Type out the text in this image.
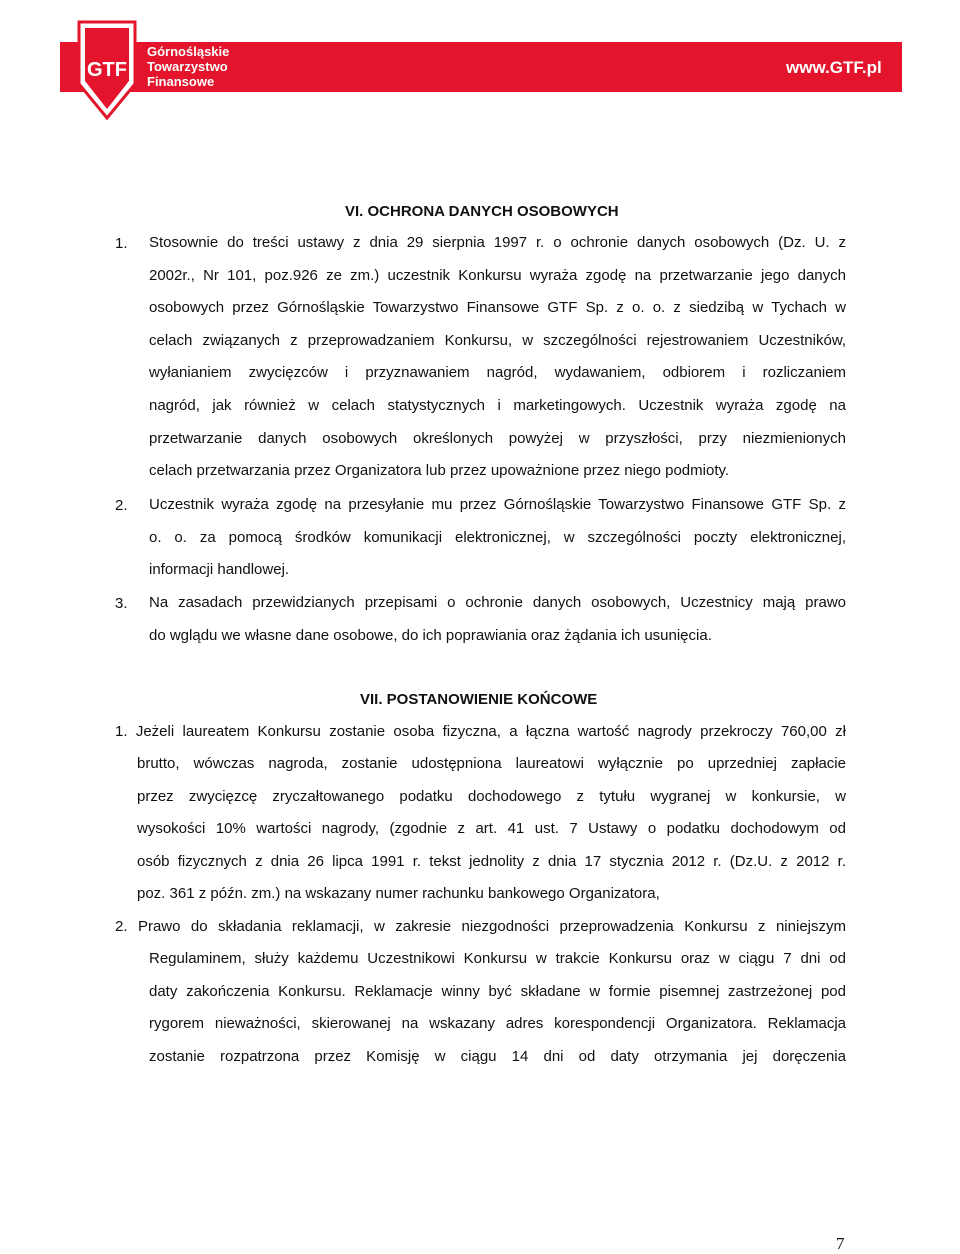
GTF
Górnośląskie
Towarzystwo
Finansowe
www.GTF.pl
VI. OCHRONA DANYCH OSOBOWYCH
1. Stosownie do treści ustawy z dnia 29 sierpnia 1997 r. o ochronie danych osobowych (Dz. U. z
2002r., Nr 101, poz.926 ze zm.) uczestnik Konkursu wyraża zgodę na przetwarzanie jego danych
osobowych przez Górnośląskie Towarzystwo Finansowe GTF Sp. z o. o. z siedzibą w Tychach w
celach związanych z przeprowadzaniem Konkursu, w szczególności rejestrowaniem Uczestników,
wyłanianiem zwycięzców i przyznawaniem nagród, wydawaniem, odbiorem i rozliczaniem
nagród, jak również w celach statystycznych i marketingowych. Uczestnik wyraża zgodę na
przetwarzanie danych osobowych określonych powyżej w przyszłości, przy niezmienionych
celach przetwarzania przez Organizatora lub przez upoważnione przez niego podmioty.
2. Uczestnik wyraża zgodę na przesyłanie mu przez Górnośląskie Towarzystwo Finansowe GTF Sp. z
o. o. za pomocą środków komunikacji elektronicznej, w szczególności poczty elektronicznej,
informacji handlowej.
3. Na zasadach przewidzianych przepisami o ochronie danych osobowych, Uczestnicy mają prawo
do wglądu we własne dane osobowe, do ich poprawiania oraz żądania ich usunięcia.
VII. POSTANOWIENIE KOŃCOWE
1. Jeżeli laureatem Konkursu zostanie osoba fizyczna, a łączna wartość nagrody przekroczy 760,00 zł
brutto, wówczas nagroda, zostanie udostępniona laureatowi wyłącznie po uprzedniej zapłacie
przez zwycięzcę zryczałtowanego podatku dochodowego z tytułu wygranej w konkursie, w
wysokości 10% wartości nagrody, (zgodnie z art. 41 ust. 7 Ustawy o podatku dochodowym od
osób fizycznych z dnia 26 lipca 1991 r. tekst jednolity z dnia 17 stycznia 2012 r. (Dz.U. z 2012 r.
poz. 361 z późn. zm.) na wskazany numer rachunku bankowego Organizatora,
2. Prawo do składania reklamacji, w zakresie niezgodności przeprowadzenia Konkursu z niniejszym
Regulaminem, służy każdemu Uczestnikowi Konkursu w trakcie Konkursu oraz w ciągu 7 dni od
daty zakończenia Konkursu. Reklamacje winny być składane w formie pisemnej zastrzeżonej pod
rygorem nieważności, skierowanej na wskazany adres korespondencji Organizatora. Reklamacja
zostanie rozpatrzona przez Komisję w ciągu 14 dni od daty otrzymania jej doręczenia
7
